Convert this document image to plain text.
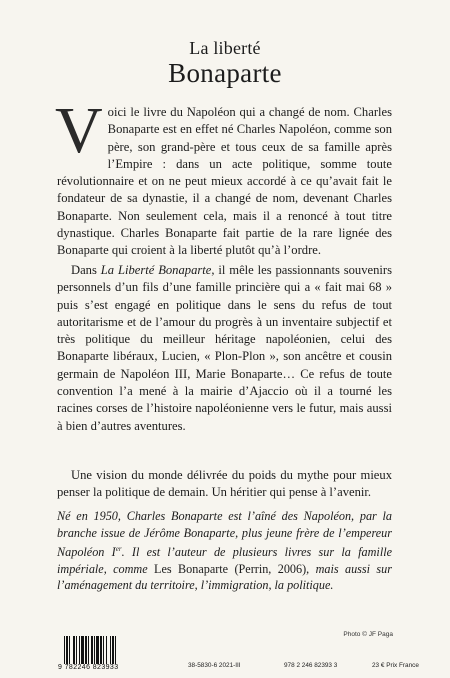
La liberté
Bonaparte
Voici le livre du Napoléon qui a changé de nom. Charles Bonaparte est en effet né Charles Napoléon, comme son père, son grand-père et tous ceux de sa famille après l’Empire : dans un acte politique, somme toute révolutionnaire et on ne peut mieux accordé à ce qu’avait fait le fondateur de sa dynastie, il a changé de nom, devenant Charles Bonaparte. Non seulement cela, mais il a renoncé à tout titre dynastique. Charles Bonaparte fait partie de la rare lignée des Bonaparte qui croient à la liberté plutôt qu’à l’ordre.
Dans La Liberté Bonaparte, il mêle les passionnants souvenirs personnels d’un fils d’une famille princière qui a « fait mai 68 » puis s’est engagé en politique dans le sens du refus de tout autoritarisme et de l’amour du progrès à un inventaire subjectif et très politique du meilleur héritage napoléonien, celui des Bonaparte libéraux, Lucien, « Plon-Plon », son ancêtre et cousin germain de Napoléon III, Marie Bonaparte… Ce refus de toute convention l’a mené à la mairie d’Ajaccio où il a tourné les racines corses de l’histoire napoléonienne vers le futur, mais aussi à bien d’autres aventures.
Une vision du monde délivrée du poids du mythe pour mieux penser la politique de demain. Un héritier qui pense à l’avenir.
Né en 1950, Charles Bonaparte est l’aîné des Napoléon, par la branche issue de Jérôme Bonaparte, plus jeune frère de l’empereur Napoléon Ier. Il est l’auteur de plusieurs livres sur la famille impériale, comme Les Bonaparte (Perrin, 2006), mais aussi sur l’aménagement du territoire, l’immigration, la politique.
Photo © JF Paga
9 782246 823933	38-5830-6 2021-III	978 2 246 82393 3	23 € Prix France
